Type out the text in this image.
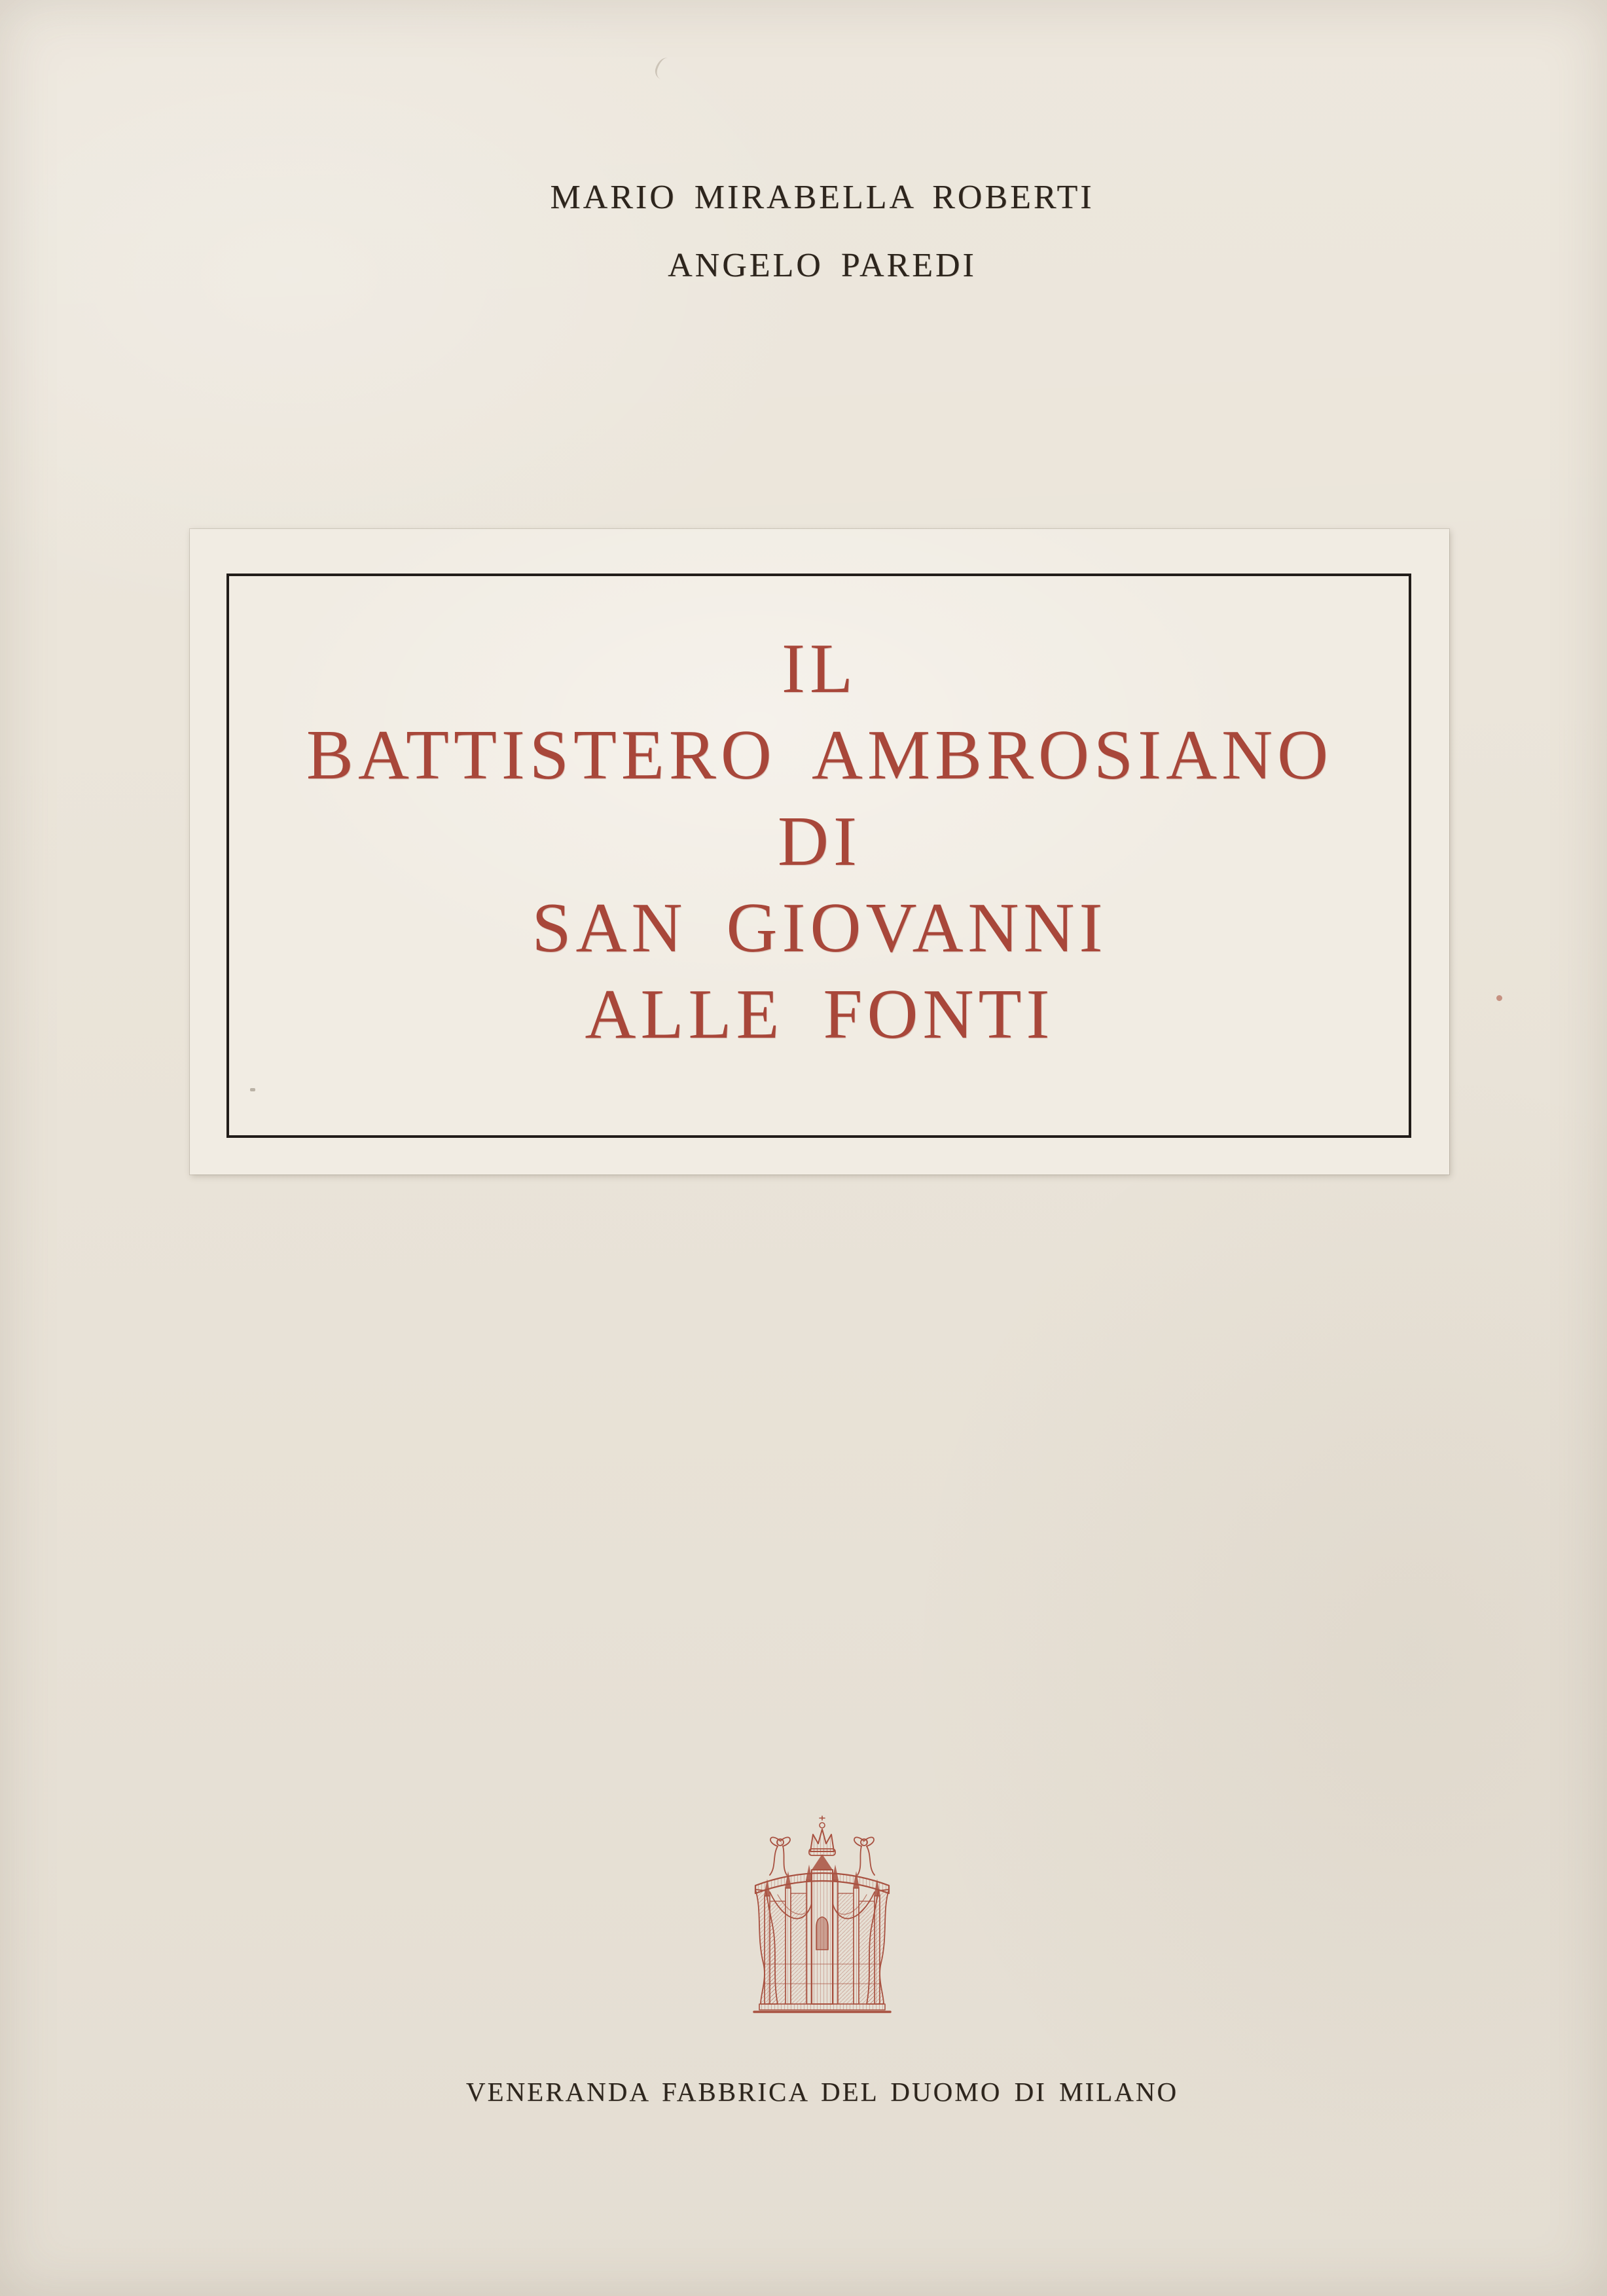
MARIO MIRABELLA ROBERTI
ANGELO PAREDI
IL
BATTISTERO AMBROSIANO
DI
SAN GIOVANNI
ALLE FONTI
VENERANDA FABBRICA DEL DUOMO DI MILANO
